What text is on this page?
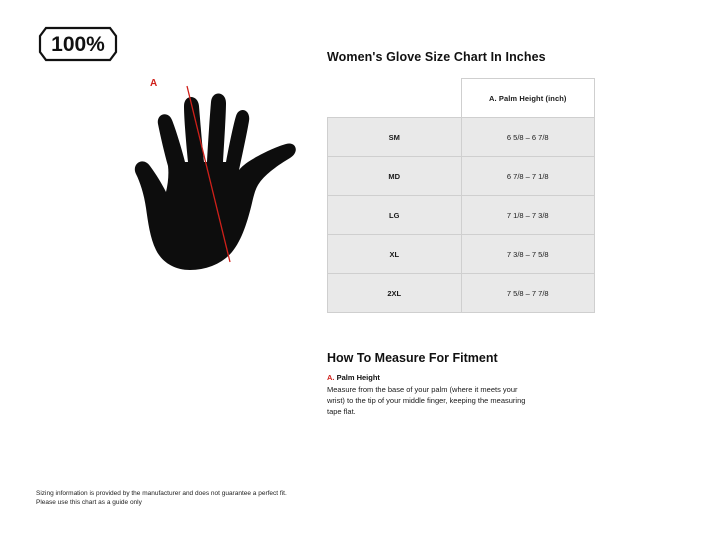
100%
A
Women's Glove Size Chart In Inches
	A. Palm Height (inch)
SM	6 5/8 – 6 7/8
MD	6 7/8 – 7 1/8
LG	7 1/8 – 7 3/8
XL	7 3/8 – 7 5/8
2XL	7 5/8 – 7 7/8
How To Measure For Fitment

A. Palm Height

Measure from the base of your palm (where it meets your wrist) to the tip of your middle finger, keeping the measuring tape flat.

Sizing information is provided by the manufacturer and does not guarantee a perfect fit.
Please use this chart as a guide only
